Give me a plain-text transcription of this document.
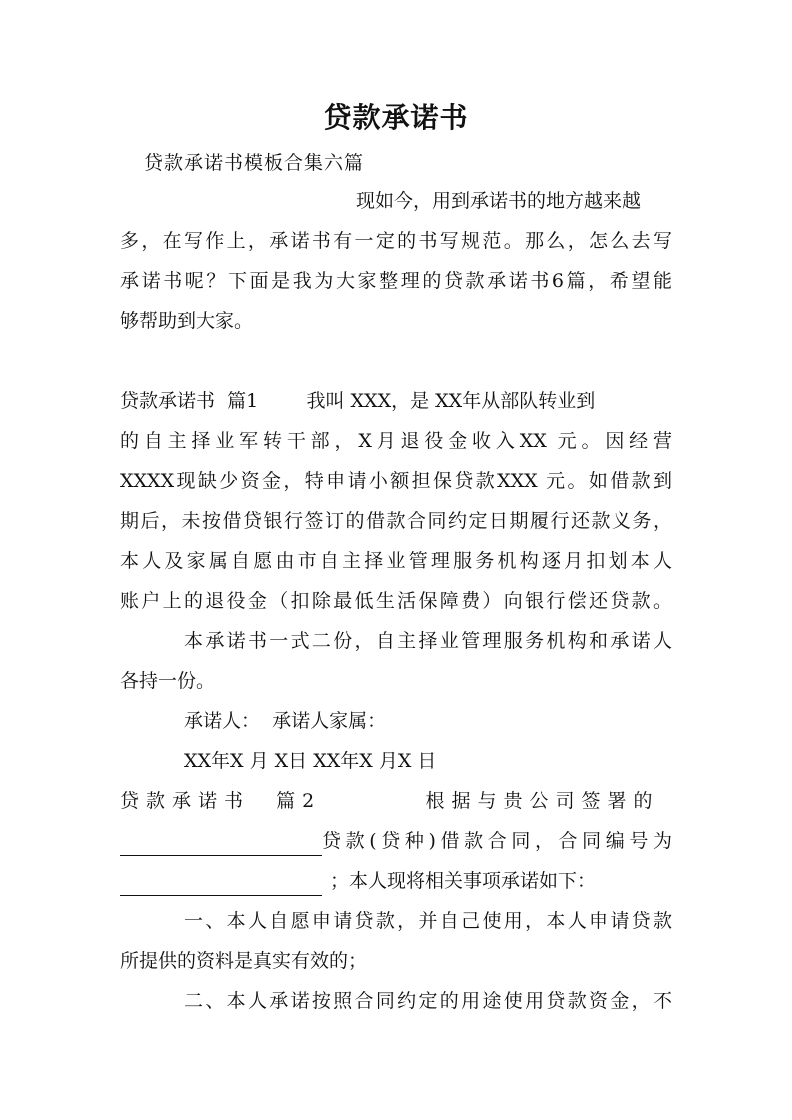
贷款承诺书
贷款承诺书模板合集六篇
现如今，用到承诺书的地方越来越
多，在写作上，承诺书有一定的书写规范。那么，怎么去写
承诺书呢？下面是我为大家整理的贷款承诺书6篇，希望能
够帮助到大家。
贷款承诺书  篇1        我叫 XXX，是 XX年从部队转业到
的自主择业军转干部，X月退役金收入XX 元。因经营
XXXX现缺少资金，特申请小额担保贷款XXX 元。如借款到
期后，未按借贷银行签订的借款合同约定日期履行还款义务，
本人及家属自愿由市自主择业管理服务机构逐月扣划本人
账户上的退役金（扣除最低生活保障费）向银行偿还贷款。
本承诺书一式二份，自主择业管理服务机构和承诺人
各持一份。
承诺人：  承诺人家属：
XX年X 月 X日 XX年X 月X 日
贷款承诺书  篇2        根据与贵公司签署的
贷款(贷种)借款合同，合同编号为
；本人现将相关事项承诺如下：
一、本人自愿申请贷款，并自己使用，本人申请贷款
所提供的资料是真实有效的；
二、本人承诺按照合同约定的用途使用贷款资金，不
